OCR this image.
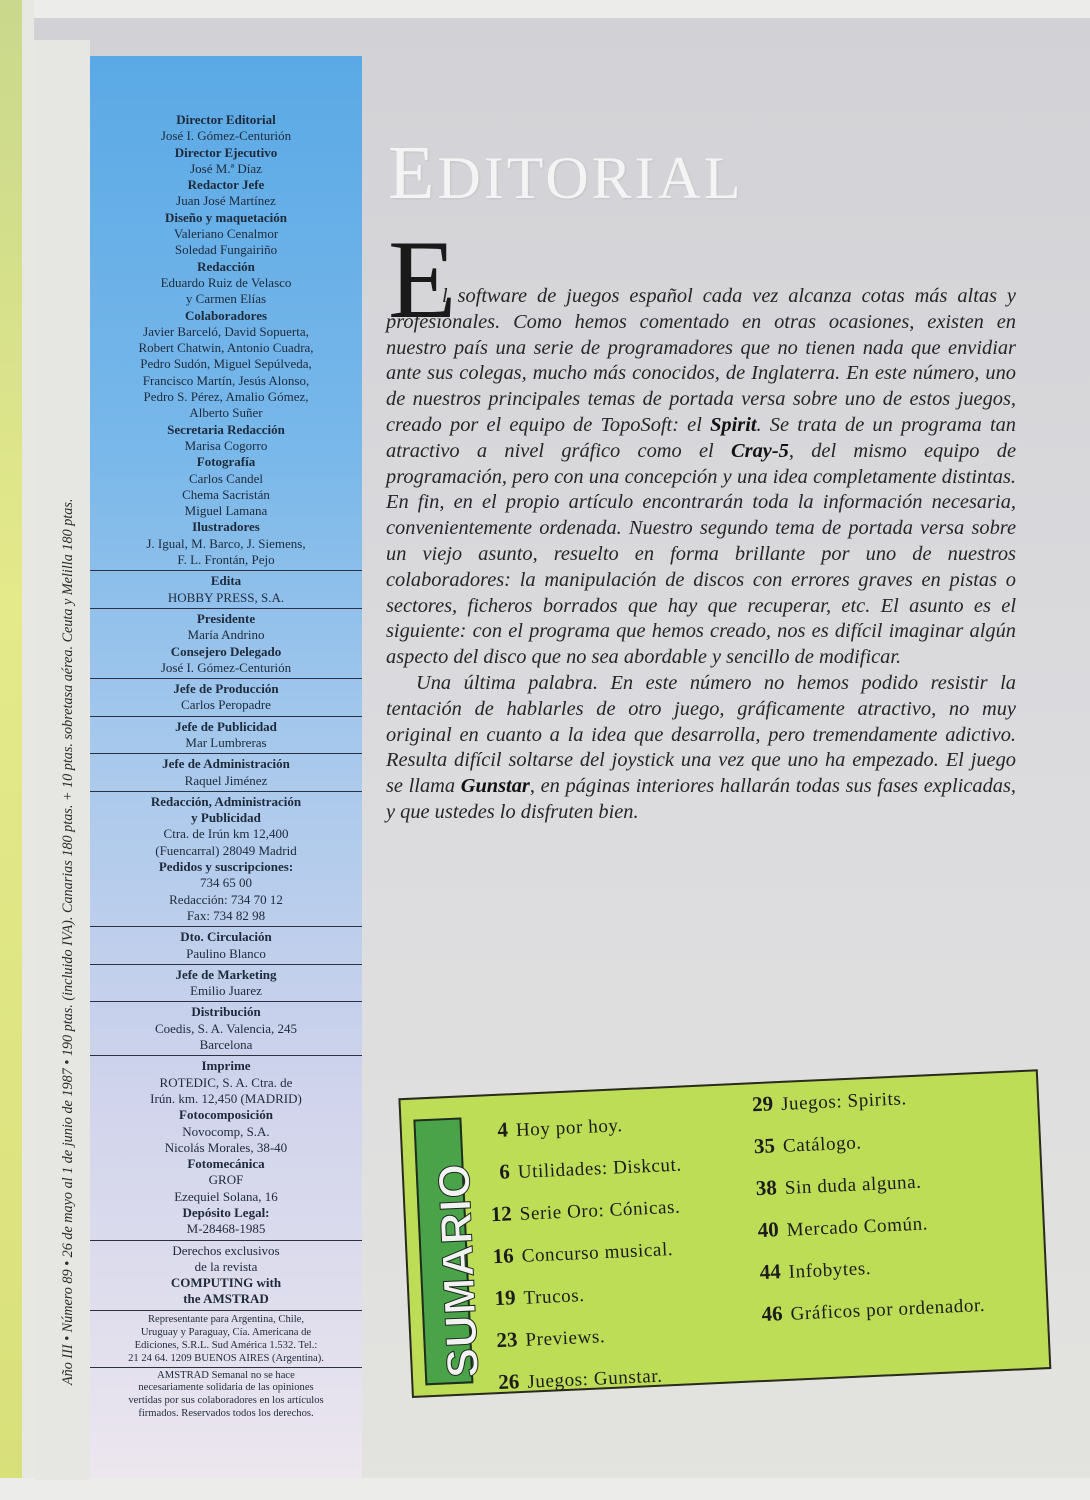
Año III • Número 89 • 26 de mayo al 1 de junio de 1987 • 190 ptas. (incluido IVA). Canarias 180 ptas. + 10 ptas. sobretasa aérea. Ceuta y Melilla 180 ptas.
Director Editorial
José I. Gómez-Centurión
Director Ejecutivo
José M.ª Díaz
Redactor Jefe
Juan José Martínez
Diseño y maquetación
Valeriano Cenalmor
Soledad Fungairiño
Redacción
Eduardo Ruiz de Velasco
y Carmen Elías
Colaboradores
Javier Barceló, David Sopuerta,
Robert Chatwin, Antonio Cuadra,
Pedro Sudón, Miguel Sepúlveda,
Francisco Martín, Jesús Alonso,
Pedro S. Pérez, Amalio Gómez,
Alberto Suñer
Secretaria Redacción
Marisa Cogorro
Fotografía
Carlos Candel
Chema Sacristán
Miguel Lamana
Ilustradores
J. Igual, M. Barco, J. Siemens,
F. L. Frontán, Pejo
Edita
HOBBY PRESS, S.A.
Presidente
María Andrino
Consejero Delegado
José I. Gómez-Centurión
Jefe de Producción
Carlos Peropadre
Jefe de Publicidad
Mar Lumbreras
Jefe de Administración
Raquel Jiménez
Redacción, Administración
y Publicidad
Ctra. de Irún km 12,400
(Fuencarral) 28049 Madrid
Pedidos y suscripciones:
734 65 00
Redacción: 734 70 12
Fax: 734 82 98
Dto. Circulación
Paulino Blanco
Jefe de Marketing
Emilio Juarez
Distribución
Coedis, S. A. Valencia, 245
Barcelona
Imprime
ROTEDIC, S. A. Ctra. de
Irún. km. 12,450 (MADRID)
Fotocomposición
Novocomp, S.A.
Nicolás Morales, 38-40
Fotomecánica
GROF
Ezequiel Solana, 16
Depósito Legal:
M-28468-1985
Derechos exclusivos
de la revista
COMPUTING with
the AMSTRAD
Representante para Argentina, Chile,
Uruguay y Paraguay, Cía. Americana de
Ediciones, S.R.L. Sud América 1.532. Tel.:
21 24 64. 1209 BUENOS AIRES (Argentina).
AMSTRAD Semanal no se hace
necesariamente solidaria de las opiniones
vertidas por sus colaboradores en los artículos
firmados. Reservados todos los derechos.
EDITORIAL
E

l software de juegos español cada vez alcanza cotas más altas y profesionales. Como hemos comentado en otras ocasiones, existen en nuestro país una serie de programadores que no tienen nada que envidiar ante sus colegas, mucho más conocidos, de Inglaterra. En este número, uno de nuestros principales temas de portada versa sobre uno de estos juegos, creado por el equipo de TopoSoft: el Spirit. Se trata de un programa tan atractivo a nivel gráfico como el Cray-5, del mismo equipo de programación, pero con una concepción y una idea completamente distintas. En fin, en el propio artículo encontrarán toda la información necesaria, convenientemente ordenada. Nuestro segundo tema de portada versa sobre un viejo asunto, resuelto en forma brillante por uno de nuestros colaboradores: la manipulación de discos con errores graves en pistas o sectores, ficheros borrados que hay que recuperar, etc. El asunto es el siguiente: con el programa que hemos creado, nos es difícil imaginar algún aspecto del disco que no sea abordable y sencillo de modificar.

Una última palabra. En este número no hemos podido resistir la tentación de hablarles de otro juego, gráficamente atractivo, no muy original en cuanto a la idea que desarrolla, pero tremendamente adictivo. Resulta difícil soltarse del joystick una vez que uno ha empezado. El juego se llama Gunstar, en páginas interiores hallarán todas sus fases explicadas, y que ustedes lo disfruten bien.

SUMARIO
4 Hoy por hoy.
6 Utilidades: Diskcut.
12 Serie Oro: Cónicas.
16 Concurso musical.
19 Trucos.
23 Previews.
26 Juegos: Gunstar.
29 Juegos: Spirits.
35 Catálogo.
38 Sin duda alguna.
40 Mercado Común.
44 Infobytes.
46 Gráficos por ordenador.
